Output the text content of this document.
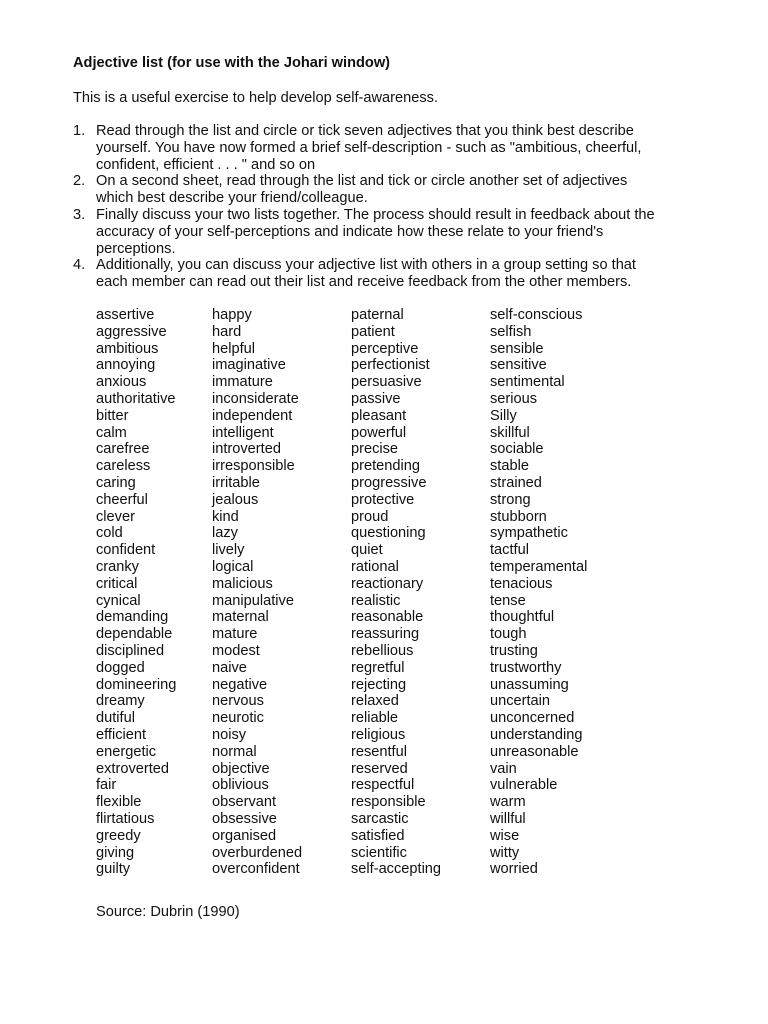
Adjective list (for use with the Johari window)
This is a useful exercise to help develop self-awareness.
1. Read through the list and circle or tick seven adjectives that you think best describe
yourself. You have now formed a brief self-description - such as "ambitious, cheerful,
confident, efficient . . . " and so on
2. On a second sheet, read through the list and tick or circle another set of adjectives
which best describe your friend/colleague.
3. Finally discuss your two lists together. The process should result in feedback about the
accuracy of your self-perceptions and indicate how these relate to your friend's
perceptions.
4. Additionally, you can discuss your adjective list with others in a group setting so that
each member can read out their list and receive feedback from the other members.
assertive
aggressive
ambitious
annoying
anxious
authoritative
bitter
calm
carefree
careless
caring
cheerful
clever
cold
confident
cranky
critical
cynical
demanding
dependable
disciplined
dogged
domineering
dreamy
dutiful
efficient
energetic
extroverted
fair
flexible
flirtatious
greedy
giving
guilty
happy
hard
helpful
imaginative
immature
inconsiderate
independent
intelligent
introverted
irresponsible
irritable
jealous
kind
lazy
lively
logical
malicious
manipulative
maternal
mature
modest
naive
negative
nervous
neurotic
noisy
normal
objective
oblivious
observant
obsessive
organised
overburdened
overconfident
paternal
patient
perceptive
perfectionist
persuasive
passive
pleasant
powerful
precise
pretending
progressive
protective
proud
questioning
quiet
rational
reactionary
realistic
reasonable
reassuring
rebellious
regretful
rejecting
relaxed
reliable
religious
resentful
reserved
respectful
responsible
sarcastic
satisfied
scientific
self-accepting
self-conscious
selfish
sensible
sensitive
sentimental
serious
Silly
skillful
sociable
stable
strained
strong
stubborn
sympathetic
tactful
temperamental
tenacious
tense
thoughtful
tough
trusting
trustworthy
unassuming
uncertain
unconcerned
understanding
unreasonable
vain
vulnerable
warm
willful
wise
witty
worried
Source: Dubrin (1990)
